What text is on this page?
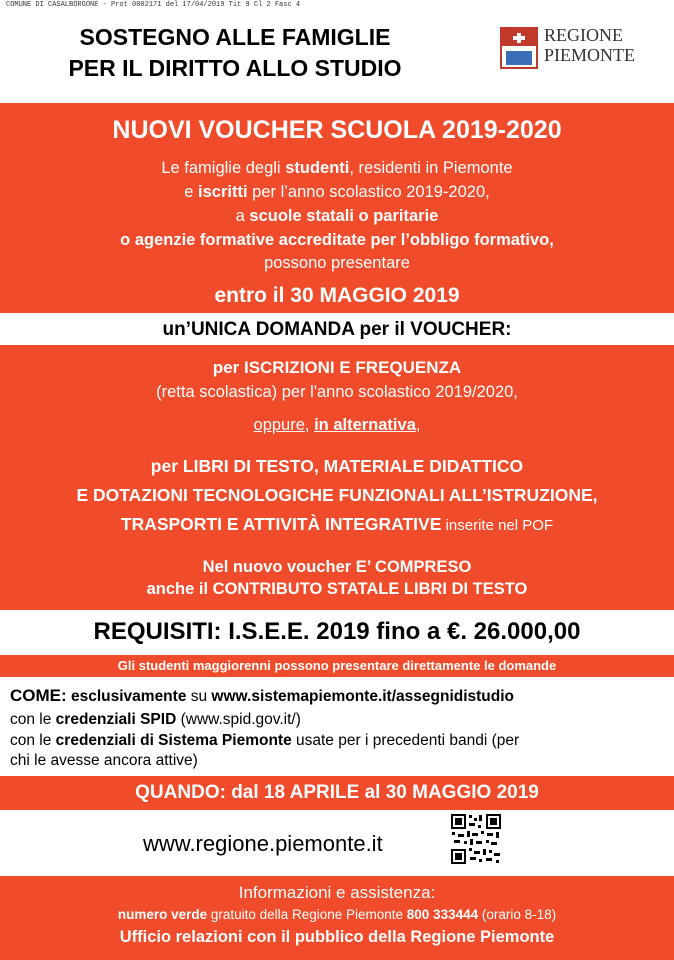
COMUNE DI CASALBORGONE - Prot 0002171 del 17/04/2019 Tit 9 Cl 2 Fasc 4
SOSTEGNO ALLE FAMIGLIE
PER IL DIRITTO ALLO STUDIO
REGIONE
PIEMONTE
NUOVI VOUCHER SCUOLA 2019-2020
Le famiglie degli studenti, residenti in Piemonte
e iscritti per l’anno scolastico 2019-2020,
a scuole statali o paritarie
o agenzie formative accreditate per l’obbligo formativo,
possono presentare
entro il 30 MAGGIO 2019
un’UNICA DOMANDA per il VOUCHER:
per ISCRIZIONI E FREQUENZA
(retta scolastica) per l'anno scolastico 2019/2020,
oppure, in alternativa,
per LIBRI DI TESTO, MATERIALE DIDATTICO
E DOTAZIONI TECNOLOGICHE FUNZIONALI ALL’ISTRUZIONE,
TRASPORTI E ATTIVITÀ INTEGRATIVE inserite nel POF
Nel nuovo voucher E’ COMPRESO
anche il CONTRIBUTO STATALE LIBRI DI TESTO
REQUISITI: I.S.E.E. 2019 fino a €. 26.000,00
Gli studenti maggiorenni possono presentare direttamente le domande
COME: esclusivamente su www.sistemapiemonte.it/assegnidistudio
con le credenziali SPID (www.spid.gov.it/)
con le credenziali di Sistema Piemonte usate per i precedenti bandi (per
chi le avesse ancora attive)
QUANDO: dal 18 APRILE al 30 MAGGIO 2019
www.regione.piemonte.it
Informazioni e assistenza:
numero verde gratuito della Regione Piemonte 800 333444 (orario 8-18)
Ufficio relazioni con il pubblico della Regione Piemonte
